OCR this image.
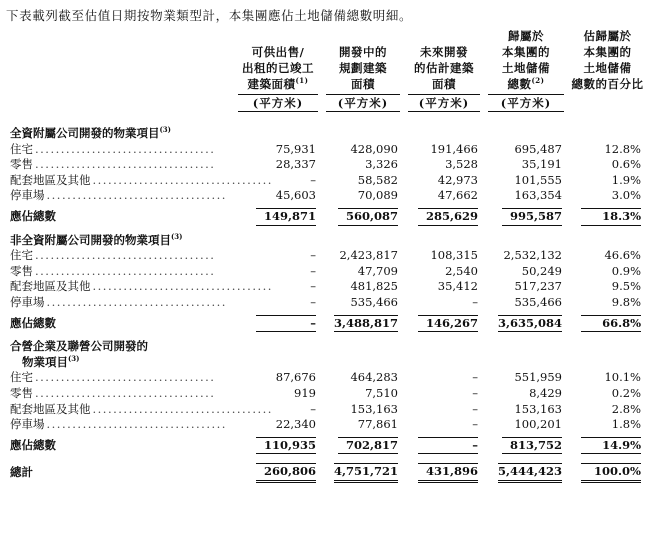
下表載列截至估值日期按物業類型計，本集團應佔土地儲備總數明細。
	可供出售/
出租的已竣工
建築面積$^{(1)}$	開發中的
規劃建築
面積	未來開發
的估計建築
面積	歸屬於
本集團的
土地儲備
總數$^{(2)}$	估歸屬於
本集團的
土地儲備
總數的百分比

	(平方米)	(平方米)	(平方米)	(平方米)	

全資附屬公司開發的物業項目$^{(3)}$
住宅 ...................................	75,931	428,090	191,466	695,487	12.8%
零售 ...................................	28,337	3,326	3,528	35,191	0.6%
配套地區及其他 ...................................	–	58,582	42,973	101,555	1.9%
停車場 ...................................	45,603	70,089	47,662	163,354	3.0%
應佔總數	149,871	560,087	285,629	995,587	18.3%
非全資附屬公司開發的物業項目$^{(3)}$
住宅 ...................................	–	2,423,817	108,315	2,532,132	46.6%
零售 ...................................	–	47,709	2,540	50,249	0.9%
配套地區及其他 ...................................	–	481,825	35,412	517,237	9.5%
停車場 ...................................	–	535,466	–	535,466	9.8%
應佔總數	–	3,488,817	146,267	3,635,084	66.8%
合營企業及聯營公司開發的					
物業項目$^{(3)}$
住宅 ...................................	87,676	464,283	–	551,959	10.1%
零售 ...................................	919	7,510	–	8,429	0.2%
配套地區及其他 ...................................	–	153,163	–	153,163	2.8%
停車場 ...................................	22,340	77,861	–	100,201	1.8%
應佔總數	110,935	702,817	–	813,752	14.9%
總計	260,806	4,751,721	431,896	5,444,423	100.0%
